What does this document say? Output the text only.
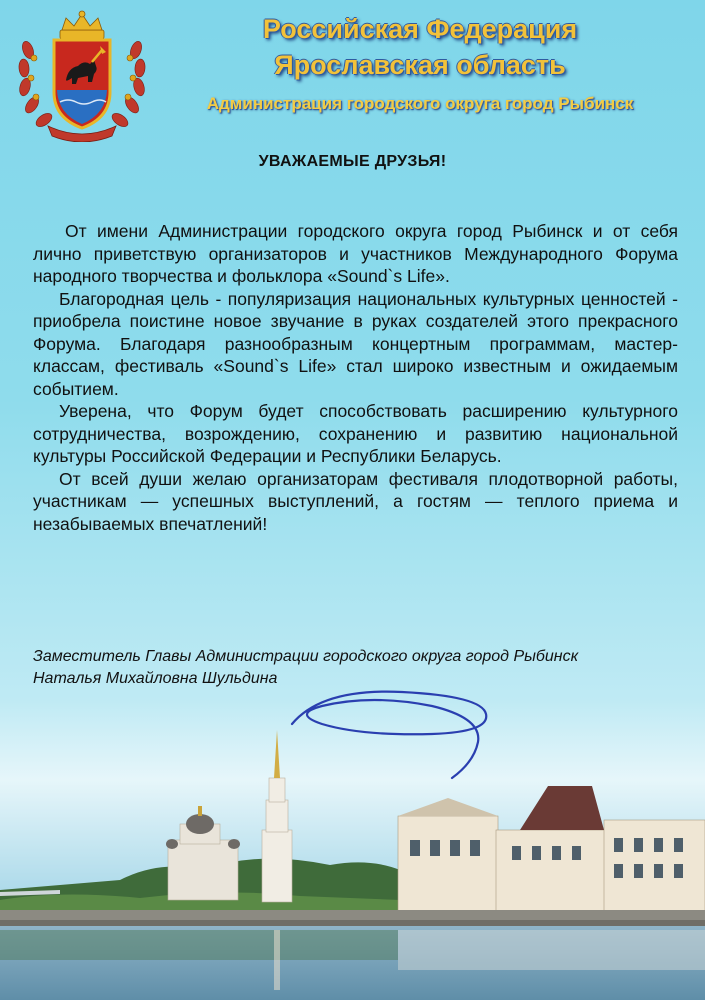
Российская Федерация
Ярославская область
Администрация городского округа город Рыбинск
УВАЖАЕМЫЕ ДРУЗЬЯ!

От имени Администрации городского округа город Рыбинск и от себя лично приветствую организаторов и участников Международного Форума народного творчества и фольклора «Sound`s Life».

Благородная цель - популяризация национальных культурных ценностей - приобрела поистине новое звучание в руках создателей этого прекрасного Форума. Благодаря разнообразным концертным программам, мастер-классам, фестиваль «Sound`s Life» стал широко известным и ожидаемым событием.

Уверена, что Форум будет способствовать расширению культурного сотрудничества, возрождению, сохранению и развитию национальной культуры Российской Федерации и Республики Беларусь.

От всей души желаю организаторам фестиваля плодотворной работы, участникам — успешных выступлений, а гостям — теплого приема и незабываемых впечатлений!

Заместитель Главы Администрации городского округа город Рыбинск
Наталья Михайловна Шульдина
